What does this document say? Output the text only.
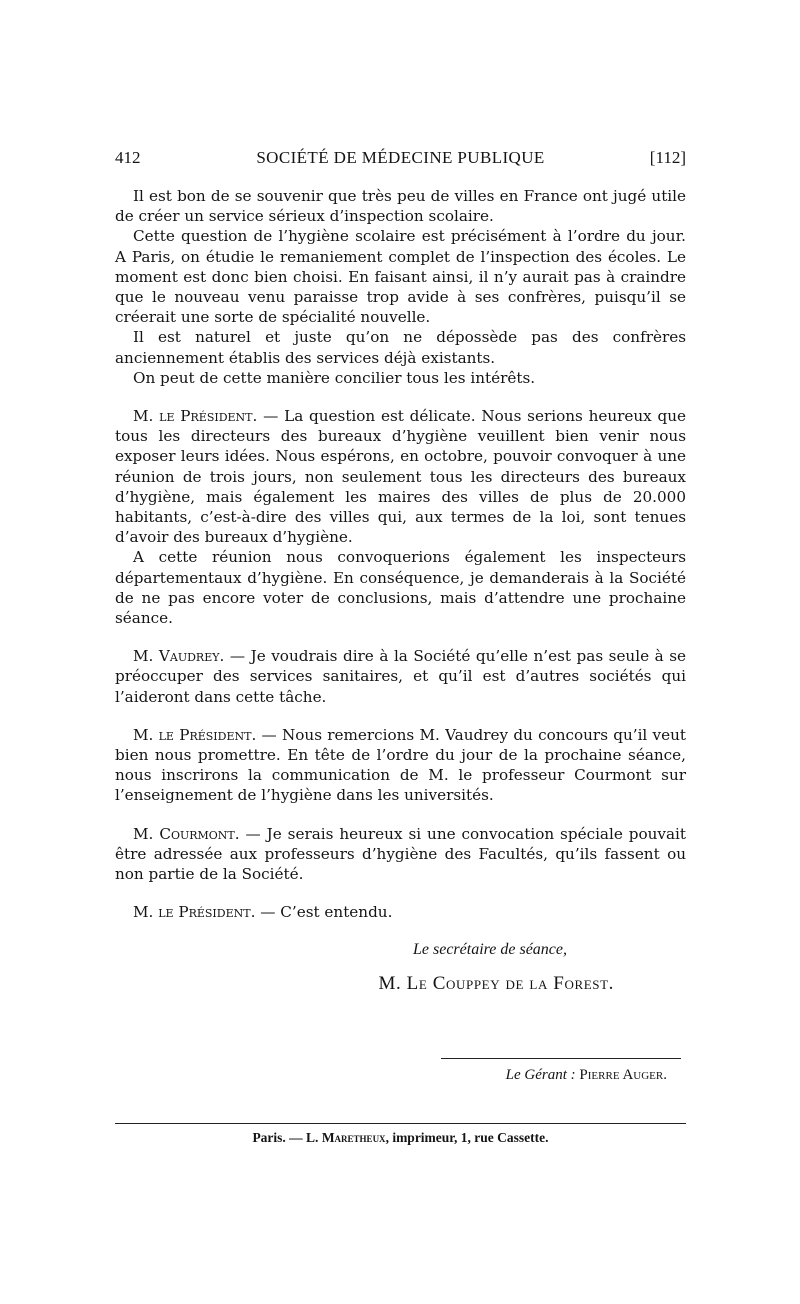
412	SOCIÉTÉ DE MÉDECINE PUBLIQUE	[112]

Il est bon de se souvenir que très peu de villes en France ont jugé utile de créer un service sérieux d’inspection scolaire.

Cette question de l’hygiène scolaire est précisément à l’ordre du jour. A Paris, on étudie le remaniement complet de l’inspection des écoles. Le moment est donc bien choisi. En faisant ainsi, il n’y aurait pas à craindre que le nouveau venu paraisse trop avide à ses confrères, puisqu’il se créerait une sorte de spécialité nouvelle.

Il est naturel et juste qu’on ne dépossède pas des confrères anciennement établis des services déjà existants.

On peut de cette manière concilier tous les intérêts.

M. le Président. — La question est délicate. Nous serions heureux que tous les directeurs des bureaux d’hygiène veuillent bien venir nous exposer leurs idées. Nous espérons, en octobre, pouvoir convoquer à une réunion de trois jours, non seulement tous les directeurs des bureaux d’hygiène, mais également les maires des villes de plus de 20.000 habitants, c’est-à-dire des villes qui, aux termes de la loi, sont tenues d’avoir des bureaux d’hygiène.

A cette réunion nous convoquerions également les inspecteurs départementaux d’hygiène. En conséquence, je demanderais à la Société de ne pas encore voter de conclusions, mais d’attendre une prochaine séance.

M. Vaudrey. — Je voudrais dire à la Société qu’elle n’est pas seule à se préoccuper des services sanitaires, et qu’il est d’autres sociétés qui l’aideront dans cette tâche.

M. le Président. — Nous remercions M. Vaudrey du concours qu’il veut bien nous promettre. En tête de l’ordre du jour de la prochaine séance, nous inscrirons la communication de M. le professeur Courmont sur l’enseignement de l’hygiène dans les universités.

M. Courmont. — Je serais heureux si une convocation spéciale pouvait être adressée aux professeurs d’hygiène des Facultés, qu’ils fassent ou non partie de la Société.

M. le Président. — C’est entendu.

Le secrétaire de séance,
M. Le Couppey de la Forest.
Le Gérant : Pierre Auger.
Paris. — L. Maretheux, imprimeur, 1, rue Cassette.
